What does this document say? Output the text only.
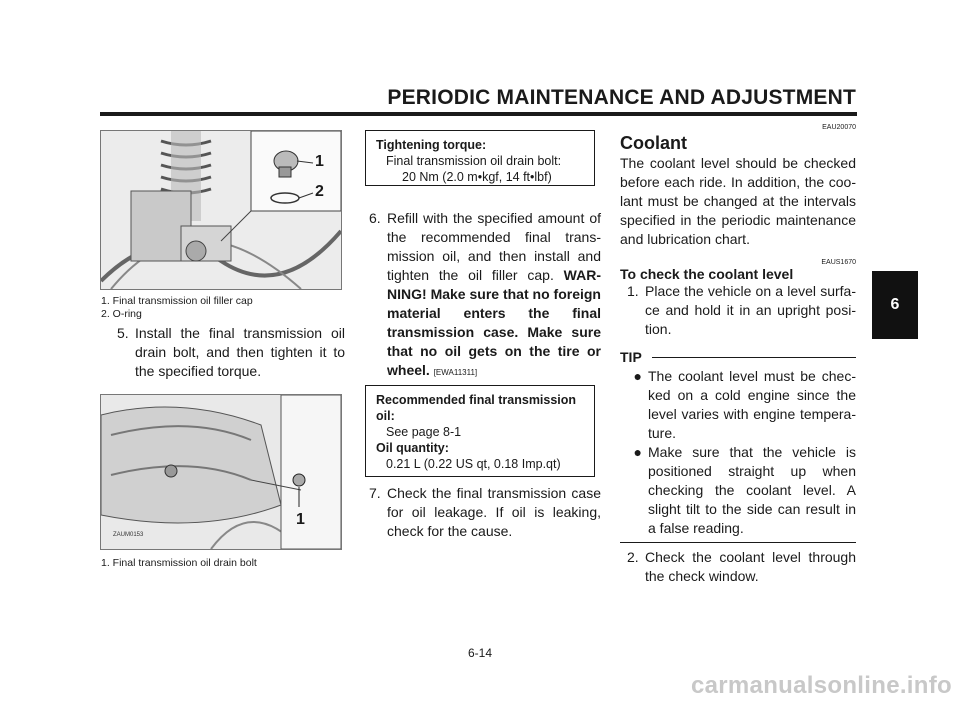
PERIODIC MAINTENANCE AND ADJUSTMENT
6
1
2
1. Final transmission oil filler cap
2. O-ring
5. Install the final transmission oil drain bolt, and then tighten it to the specified torque.
1
ZAUM0153
1. Final transmission oil drain bolt
Tightening torque:
Final transmission oil drain bolt:
20 Nm (2.0 m•kgf, 14 ft•lbf)
6. Refill with the specified amount of the recommended final trans- mission oil, and then install and tighten the oil filler cap. WAR- NING! Make sure that no foreign material enters the final transmission case. Make sure that no oil gets on the tire or wheel. [EWA11311]
Recommended final transmission oil:
See page 8-1
Oil quantity:
0.21 L (0.22 US qt, 0.18 Imp.qt)
7. Check the final transmission case for oil leakage. If oil is leaking, check for the cause.
EAU20070
Coolant
The coolant level should be checked before each ride. In addition, the coo- lant must be changed at the intervals specified in the periodic maintenance and lubrication chart.
EAUS1670
To check the coolant level
1. Place the vehicle on a level surfa- ce and hold it in an upright posi- tion.
TIP
● The coolant level must be chec- ked on a cold engine since the level varies with engine tempera- ture.
● Make sure that the vehicle is positioned straight up when checking the coolant level. A slight tilt to the side can result in a false reading.
2. Check the coolant level through the check window.
6-14
carmanualsonline.info
